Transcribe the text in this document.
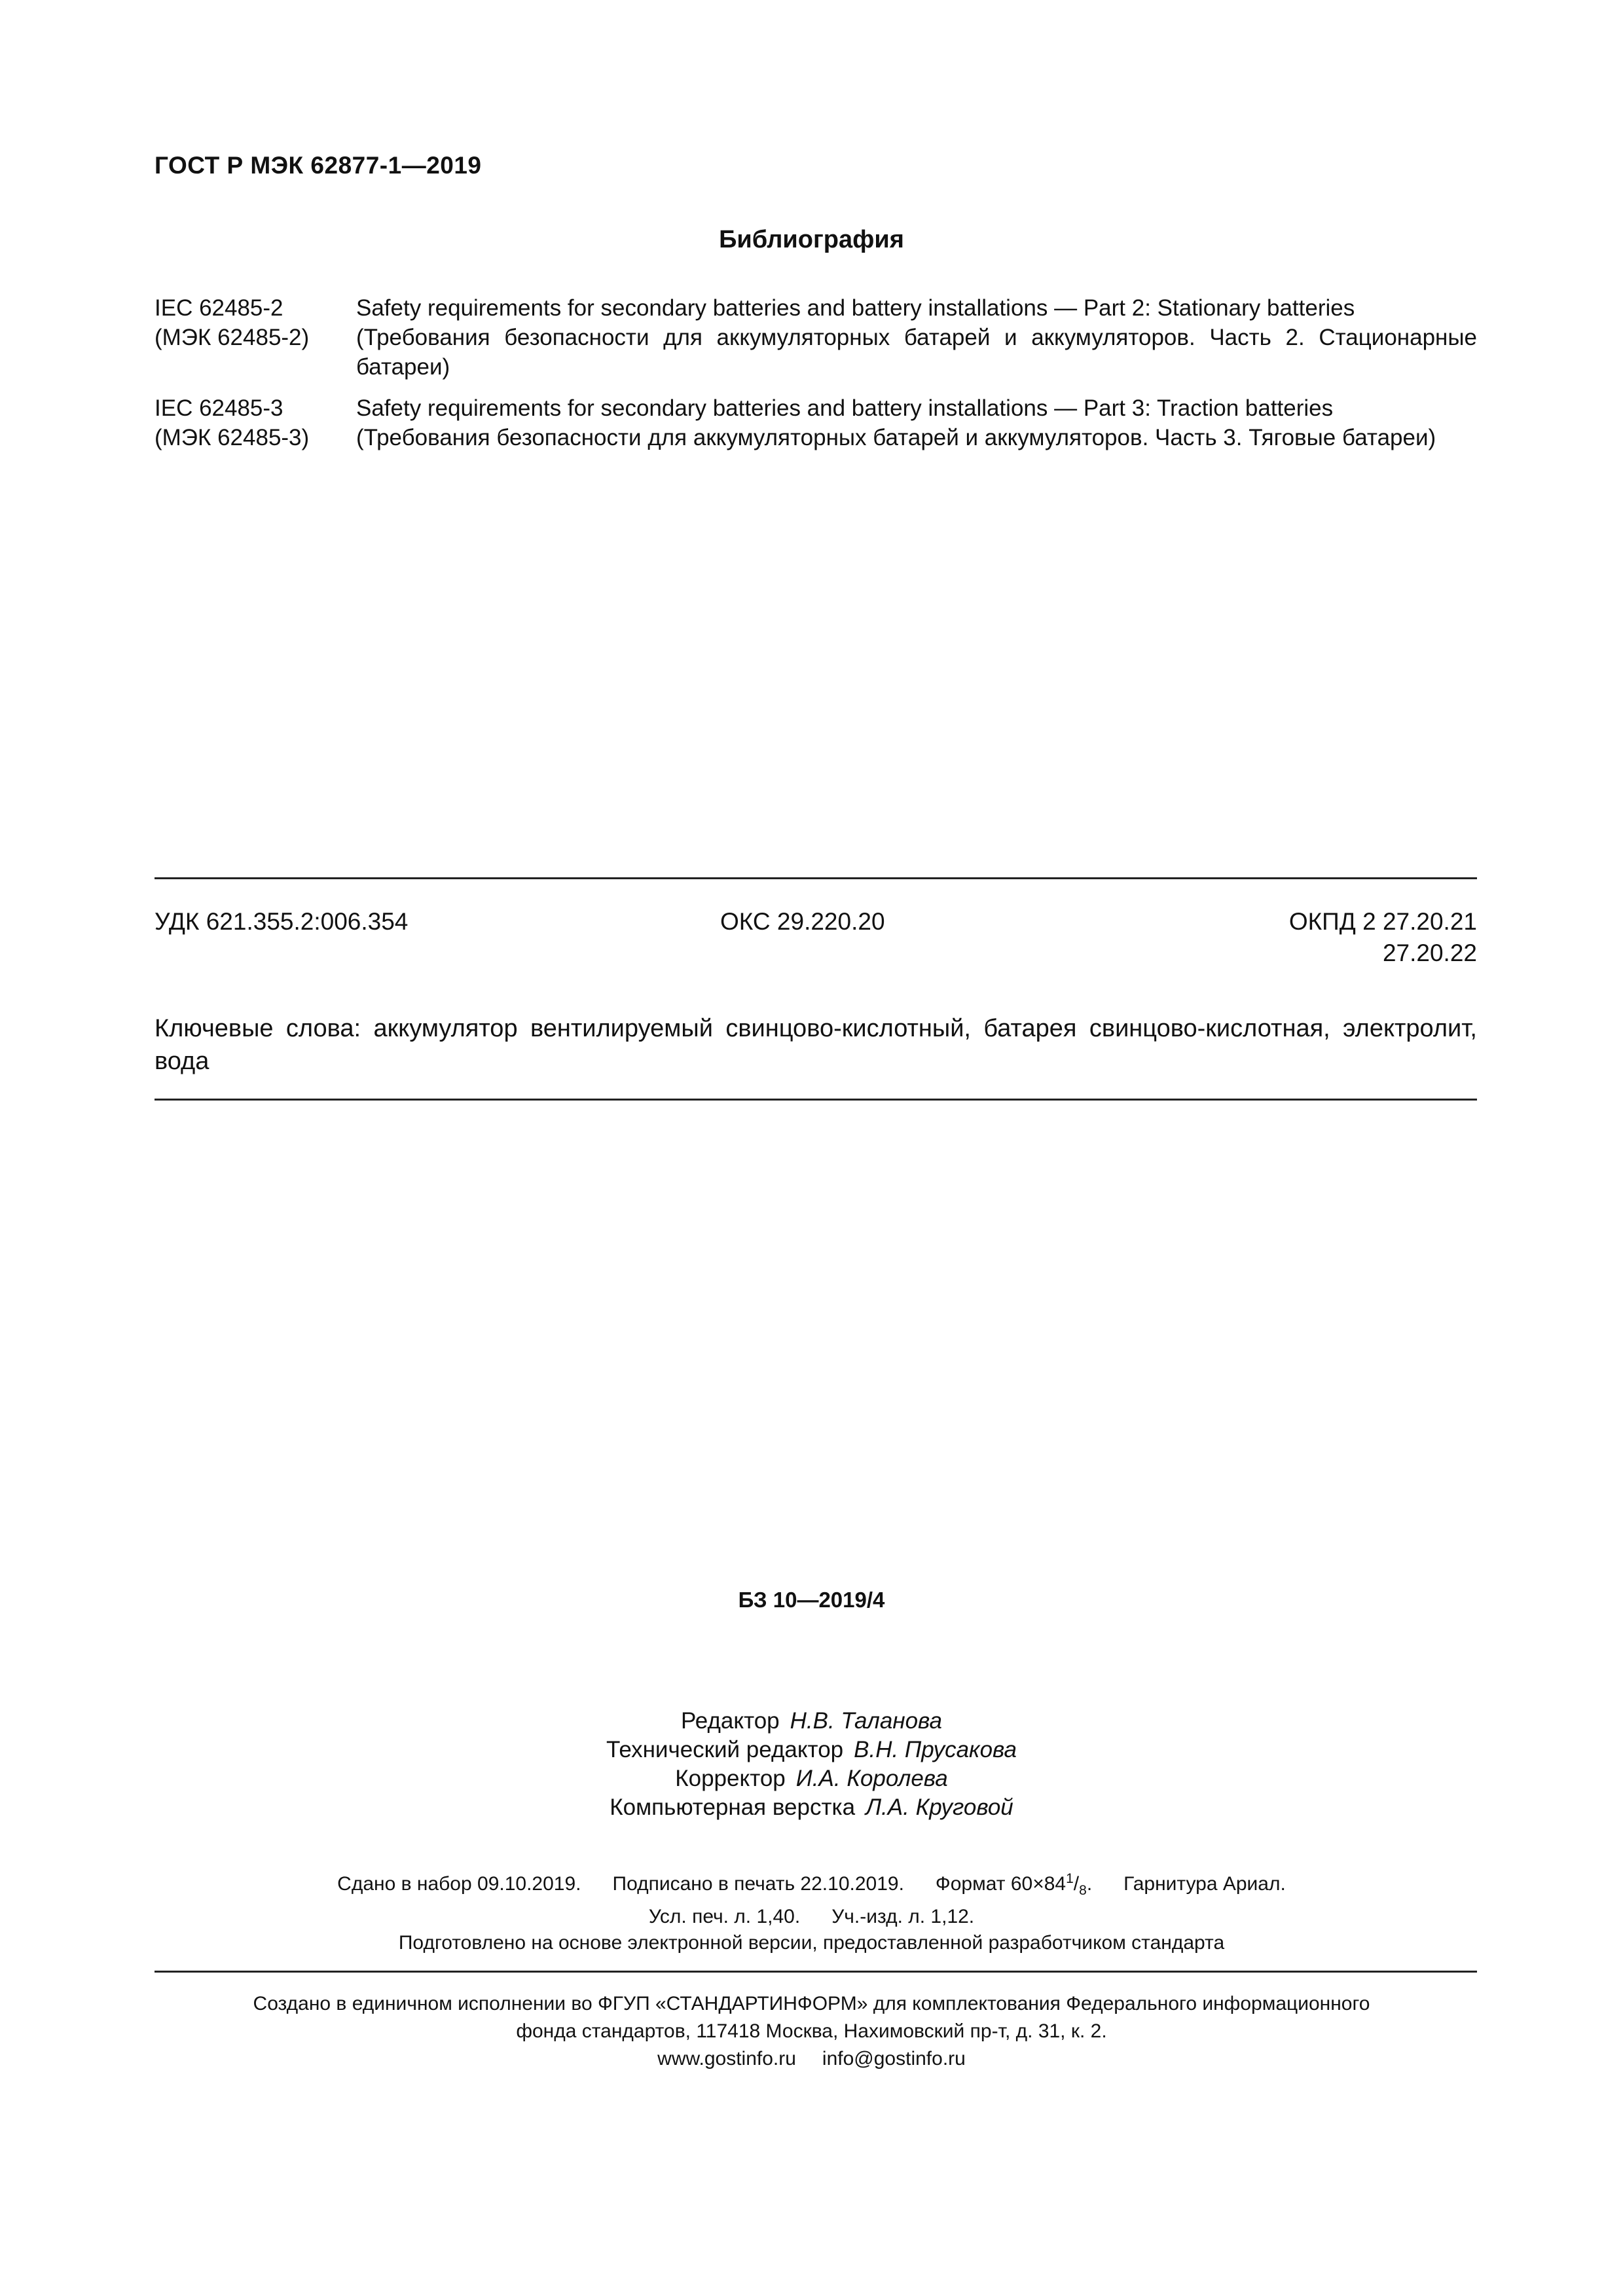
ГОСТ Р МЭК 62877-1—2019
Библиография
IEC 62485-2
(МЭК 62485-2)
Safety requirements for secondary batteries and battery installations — Part 2: Stationary batteries
(Требования безопасности для аккумуляторных батарей и аккумуляторов. Часть 2. Стационарные батареи)
IEC 62485-3
(МЭК 62485-3)
Safety requirements for secondary batteries and battery installations — Part 3: Traction batteries
(Требования безопасности для аккумуляторных батарей и аккумуляторов. Часть 3. Тяговые батареи)
УДК 621.355.2:006.354	ОКС 29.220.20	ОКПД 2 27.20.21
27.20.22
Ключевые слова: аккумулятор вентилируемый свинцово-кислотный, батарея свинцово-кислотная, электролит, вода
БЗ 10—2019/4
Редактор Н.В. Таланова
Технический редактор В.Н. Прусакова
Корректор И.А. Королева
Компьютерная верстка Л.А. Круговой
Сдано в набор 09.10.2019. Подписано в печать 22.10.2019. Формат $60\times 84^1/_8$. Гарнитура Ариал.
Усл. печ. л. 1,40. Уч.-изд. л. 1,12.
Подготовлено на основе электронной версии, предоставленной разработчиком стандарта
Создано в единичном исполнении во ФГУП «СТАНДАРТИНФОРМ» для комплектования Федерального информационного
фонда стандартов, 117418 Москва, Нахимовский пр-т, д. 31, к. 2.
www.gostinfo.ru info@gostinfo.ru
